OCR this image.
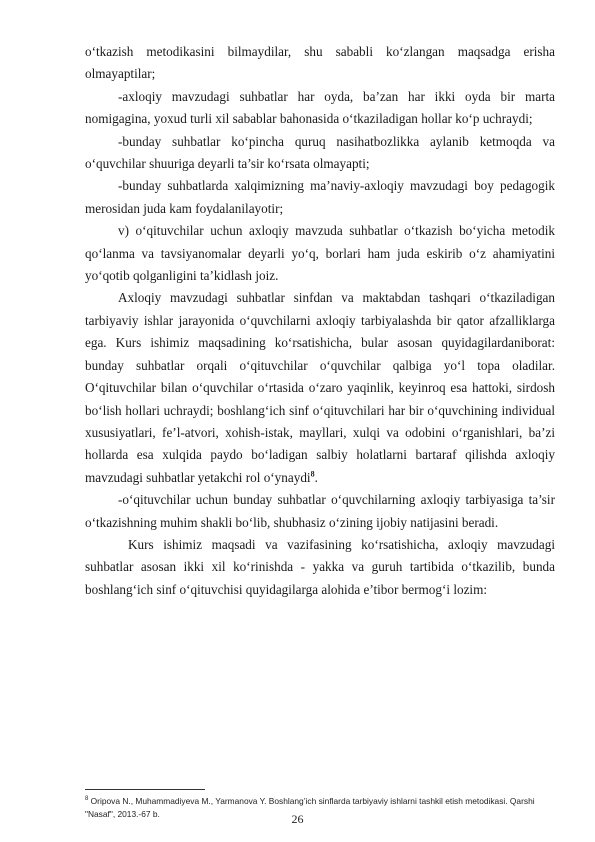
o‘tkazish metodikasini bilmaydilar, shu sababli ko‘zlangan maqsadga erisha olmayaptilar;

-axloqiy mavzudagi suhbatlar har oyda, ba’zan har ikki oyda bir marta nomigagina, yoxud turli xil sabablar bahonasida o‘tkaziladigan hollar ko‘p uchraydi;

-bunday suhbatlar ko‘pincha quruq nasihatbozlikka aylanib ketmoqda va o‘quvchilar shuuriga deyarli ta’sir ko‘rsata olmayapti;

-bunday suhbatlarda xalqimizning ma’naviy-axloqiy mavzudagi boy pedagogik merosidan juda kam foydalanilayotir;

v) o‘qituvchilar uchun axloqiy mavzuda suhbatlar o‘tkazish bo‘yicha metodik qo‘lanma va tavsiyanomalar deyarli yo‘q, borlari ham juda eskirib o‘z ahamiyatini yo‘qotib qolganligini ta’kidlash joiz.

Axloqiy mavzudagi suhbatlar sinfdan va maktabdan tashqari o‘tkaziladigan tarbiyaviy ishlar jarayonida o‘quvchilarni axloqiy tarbiyalashda bir qator afzalliklarga ega. Kurs ishimiz maqsadining ko‘rsatishicha, bular asosan quyidagilardaniborat: bunday suhbatlar orqali o‘qituvchilar o‘quvchilar qalbiga yo‘l topa oladilar. O‘qituvchilar bilan o‘quvchilar o‘rtasida o‘zaro yaqinlik, keyinroq esa hattoki, sirdosh bo‘lish hollari uchraydi; boshlang‘ich sinf o‘qituvchilari har bir o‘quvchining individual xususiyatlari, fe’l-atvori, xohish-istak, mayllari, xulqi va odobini o‘rganishlari, ba’zi hollarda esa xulqida paydo bo‘ladigan salbiy holatlarni bartaraf qilishda axloqiy mavzudagi suhbatlar yetakchi rol o‘ynaydi$^8$.

-o‘qituvchilar uchun bunday suhbatlar o‘quvchilarning axloqiy tarbiyasiga ta’sir o‘tkazishning muhim shakli bo‘lib, shubhasiz o‘zining ijobiy natijasini beradi.

Kurs ishimiz maqsadi va vazifasining ko‘rsatishicha, axloqiy mavzudagi suhbatlar asosan ikki xil ko‘rinishda - yakka va guruh tartibida o‘tkazilib, bunda boshlang‘ich sinf o‘qituvchisi quyidagilarga alohida e’tibor bermog‘i lozim:

$^8$ Oripova N., Muhammadiyeva M., Yarmanova Y. Boshlang’ich sinflarda tarbiyaviy ishlarni tashkil etish metodikasi. Qarshi "Nasaf", 2013.-67 b.	26
